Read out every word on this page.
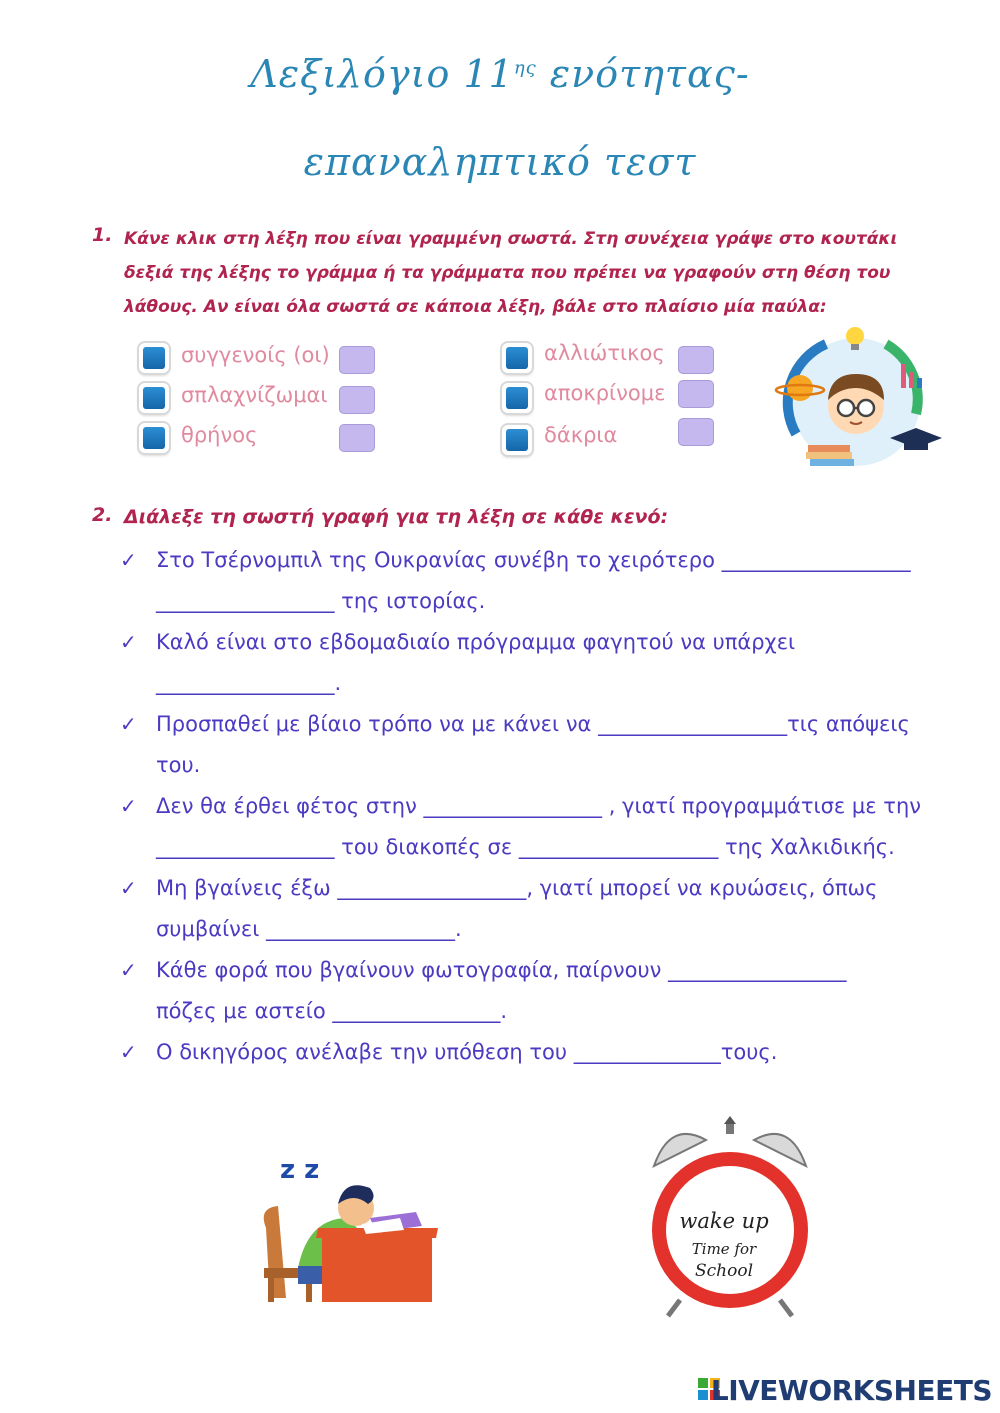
Λεξιλόγιο $11^{\eta\varsigma}$ ενότητας-
επαναληπτικό τεστ
1. Κάνε κλικ στη λέξη που είναι γραμμένη σωστά. Στη συνέχεια γράψε στο κουτάκι δεξιά της λέξης το γράμμα ή τα γράμματα που πρέπει να γραφούν στη θέση του λάθους. Αν είναι όλα σωστά σε κάποια λέξη, βάλε στο πλαίσιο μία παύλα:
συγγενοίς (οι)
σπλαχνίζωμαι
θρήνος
αλλιώτικος
αποκρίνομε
δάκρια
2. Διάλεξε τη σωστή γραφή για τη λέξη σε κάθε κενό:
✓ Στο Τσέρνομπιλ της Ουκρανίας συνέβη το χειρότερο __________________
_________________ της ιστορίας.
✓ Καλό είναι στο εβδομαδιαίο πρόγραμμα φαγητού να υπάρχει
_________________.
✓ Προσπαθεί με βίαιο τρόπο να με κάνει να __________________τις απόψεις
του.
✓ Δεν θα έρθει φέτος στην _________________ , γιατί προγραμμάτισε με την
_________________ του διακοπές σε ___________________ της Χαλκιδικής.
✓ Μη βγαίνεις έξω __________________, γιατί μπορεί να κρυώσεις, όπως
συμβαίνει __________________.
✓ Κάθε φορά που βγαίνουν φωτογραφία, παίρνουν _________________
πόζες με αστείο ________________.
✓ Ο δικηγόρος ανέλαβε την υπόθεση του ______________τους.
z z
wake up
Time for
School
LIVEWORKSHEETS
